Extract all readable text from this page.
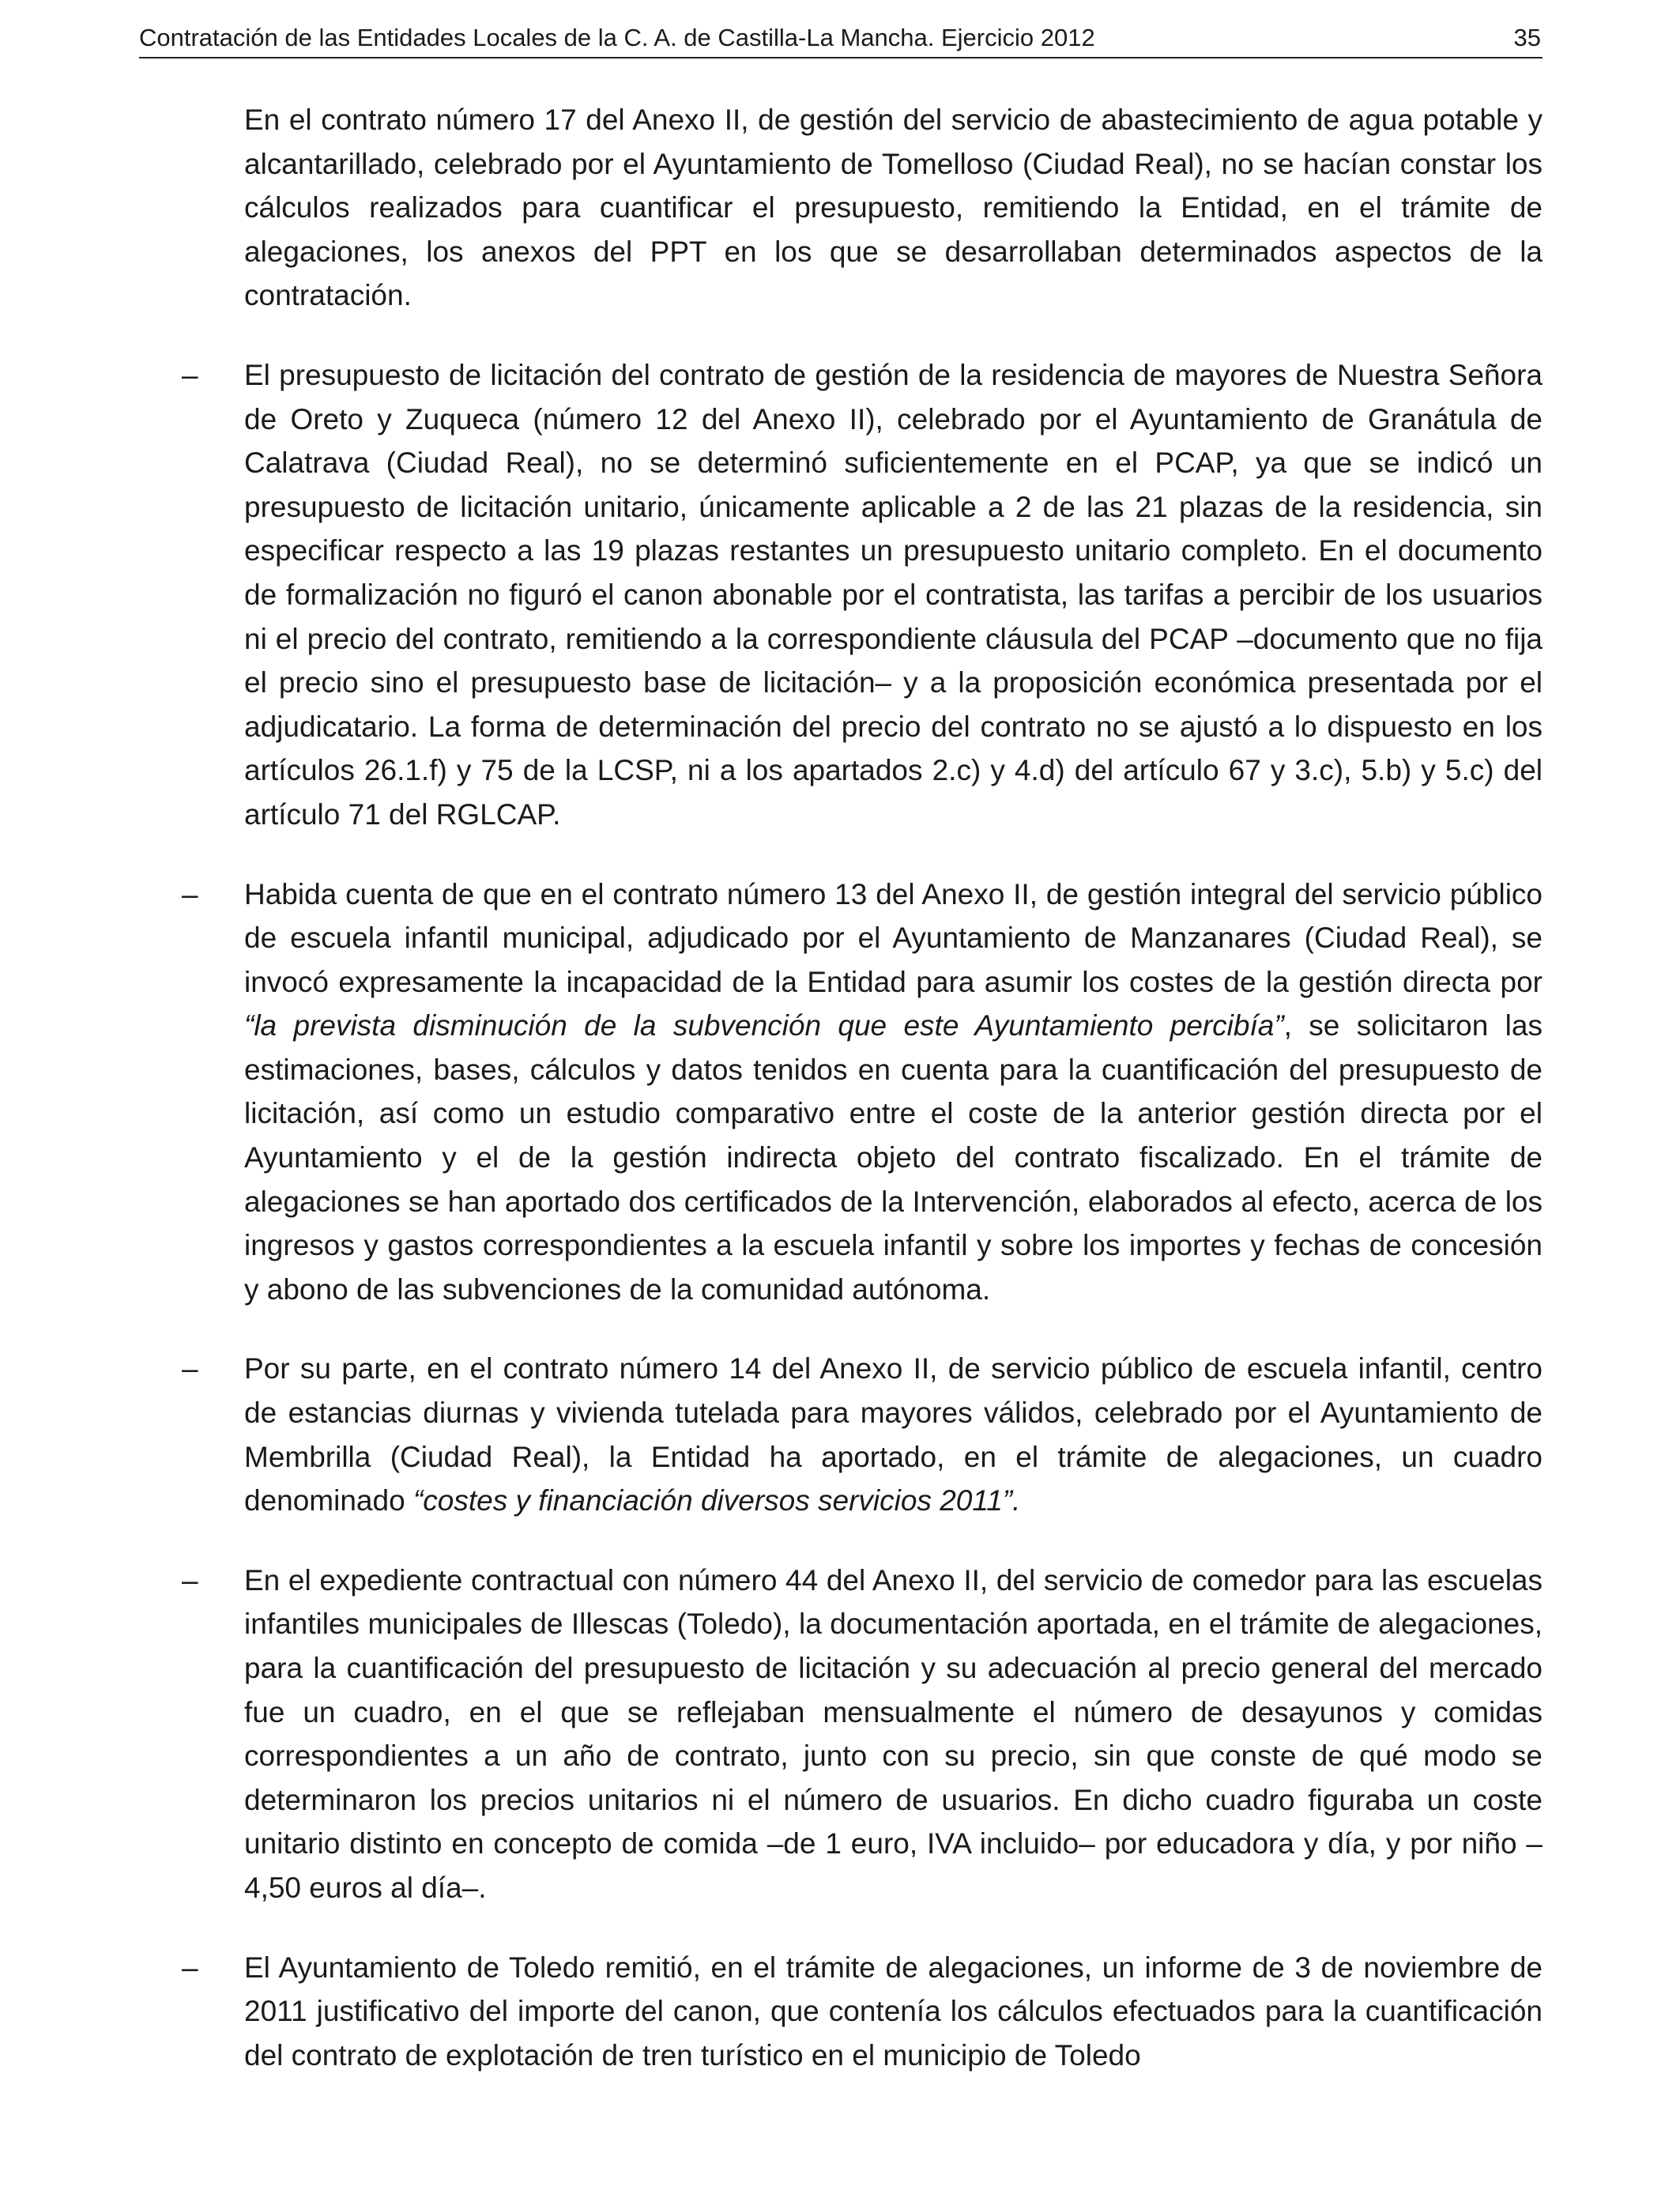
Contratación de las Entidades Locales de la C. A. de Castilla-La Mancha. Ejercicio 2012	35

En el contrato número 17 del Anexo II, de gestión del servicio de abastecimiento de agua potable y alcantarillado, celebrado por el Ayuntamiento de Tomelloso (Ciudad Real), no se hacían constar los cálculos realizados para cuantificar el presupuesto, remitiendo la Entidad, en el trámite de alegaciones, los anexos del PPT en los que se desarrollaban determinados aspectos de la contratación.

– El presupuesto de licitación del contrato de gestión de la residencia de mayores de Nuestra Señora de Oreto y Zuqueca (número 12 del Anexo II), celebrado por el Ayuntamiento de Granátula de Calatrava (Ciudad Real), no se determinó suficientemente en el PCAP, ya que se indicó un presupuesto de licitación unitario, únicamente aplicable a 2 de las 21 plazas de la residencia, sin especificar respecto a las 19 plazas restantes un presupuesto unitario completo. En el documento de formalización no figuró el canon abonable por el contratista, las tarifas a percibir de los usuarios ni el precio del contrato, remitiendo a la correspondiente cláusula del PCAP –documento que no fija el precio sino el presupuesto base de licitación– y a la proposición económica presentada por el adjudicatario. La forma de determinación del precio del contrato no se ajustó a lo dispuesto en los artículos 26.1.f) y 75 de la LCSP, ni a los apartados 2.c) y 4.d) del artículo 67 y 3.c), 5.b) y 5.c) del artículo 71 del RGLCAP.
– Habida cuenta de que en el contrato número 13 del Anexo II, de gestión integral del servicio público de escuela infantil municipal, adjudicado por el Ayuntamiento de Manzanares (Ciudad Real), se invocó expresamente la incapacidad de la Entidad para asumir los costes de la gestión directa por “la prevista disminución de la subvención que este Ayuntamiento percibía”, se solicitaron las estimaciones, bases, cálculos y datos tenidos en cuenta para la cuantificación del presupuesto de licitación, así como un estudio comparativo entre el coste de la anterior gestión directa por el Ayuntamiento y el de la gestión indirecta objeto del contrato fiscalizado. En el trámite de alegaciones se han aportado dos certificados de la Intervención, elaborados al efecto, acerca de los ingresos y gastos correspondientes a la escuela infantil y sobre los importes y fechas de concesión y abono de las subvenciones de la comunidad autónoma.
– Por su parte, en el contrato número 14 del Anexo II, de servicio público de escuela infantil, centro de estancias diurnas y vivienda tutelada para mayores válidos, celebrado por el Ayuntamiento de Membrilla (Ciudad Real), la Entidad ha aportado, en el trámite de alegaciones, un cuadro denominado “costes y financiación diversos servicios 2011”.
– En el expediente contractual con número 44 del Anexo II, del servicio de comedor para las escuelas infantiles municipales de Illescas (Toledo), la documentación aportada, en el trámite de alegaciones, para la cuantificación del presupuesto de licitación y su adecuación al precio general del mercado fue un cuadro, en el que se reflejaban mensualmente el número de desayunos y comidas correspondientes a un año de contrato, junto con su precio, sin que conste de qué modo se determinaron los precios unitarios ni el número de usuarios. En dicho cuadro figuraba un coste unitario distinto en concepto de comida –de 1 euro, IVA incluido– por educadora y día, y por niño –4,50 euros al día–.
– El Ayuntamiento de Toledo remitió, en el trámite de alegaciones, un informe de 3 de noviembre de 2011 justificativo del importe del canon, que contenía los cálculos efectuados para la cuantificación del contrato de explotación de tren turístico en el municipio de Toledo
